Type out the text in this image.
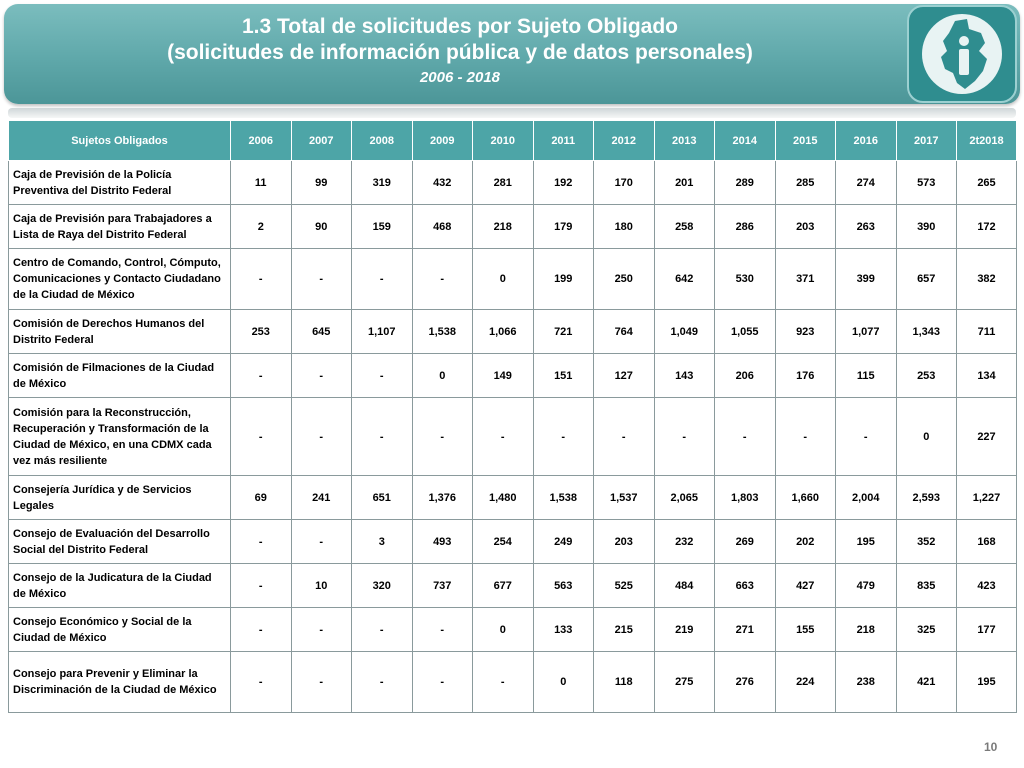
1.3 Total de solicitudes por Sujeto Obligado
(solicitudes de información pública y de datos personales)
2006 - 2018
Sujetos Obligados	2006	2007	2008	2009	2010	2011	2012	2013	2014	2015	2016	2017	2t2018
Caja de Previsión de la Policía Preventiva del Distrito Federal	11	99	319	432	281	192	170	201	289	285	274	573	265
Caja de Previsión para Trabajadores a Lista de Raya del Distrito Federal	2	90	159	468	218	179	180	258	286	203	263	390	172
Centro de Comando, Control, Cómputo, Comunicaciones y Contacto Ciudadano de la Ciudad de México	-	-	-	-	0	199	250	642	530	371	399	657	382
Comisión de Derechos Humanos del Distrito Federal	253	645	1,107	1,538	1,066	721	764	1,049	1,055	923	1,077	1,343	711
Comisión de Filmaciones de la Ciudad de México	-	-	-	0	149	151	127	143	206	176	115	253	134
Comisión para la Reconstrucción, Recuperación y Transformación de la Ciudad de México, en una CDMX cada vez más resiliente	-	-	-	-	-	-	-	-	-	-	-	0	227
Consejería Jurídica y de Servicios Legales	69	241	651	1,376	1,480	1,538	1,537	2,065	1,803	1,660	2,004	2,593	1,227
Consejo de Evaluación del Desarrollo Social del Distrito Federal	-	-	3	493	254	249	203	232	269	202	195	352	168
Consejo de la Judicatura de la Ciudad de México	-	10	320	737	677	563	525	484	663	427	479	835	423
Consejo Económico y Social de la Ciudad de México	-	-	-	-	0	133	215	219	271	155	218	325	177
Consejo para Prevenir y Eliminar la Discriminación de la Ciudad de México	-	-	-	-	-	0	118	275	276	224	238	421	195
10
